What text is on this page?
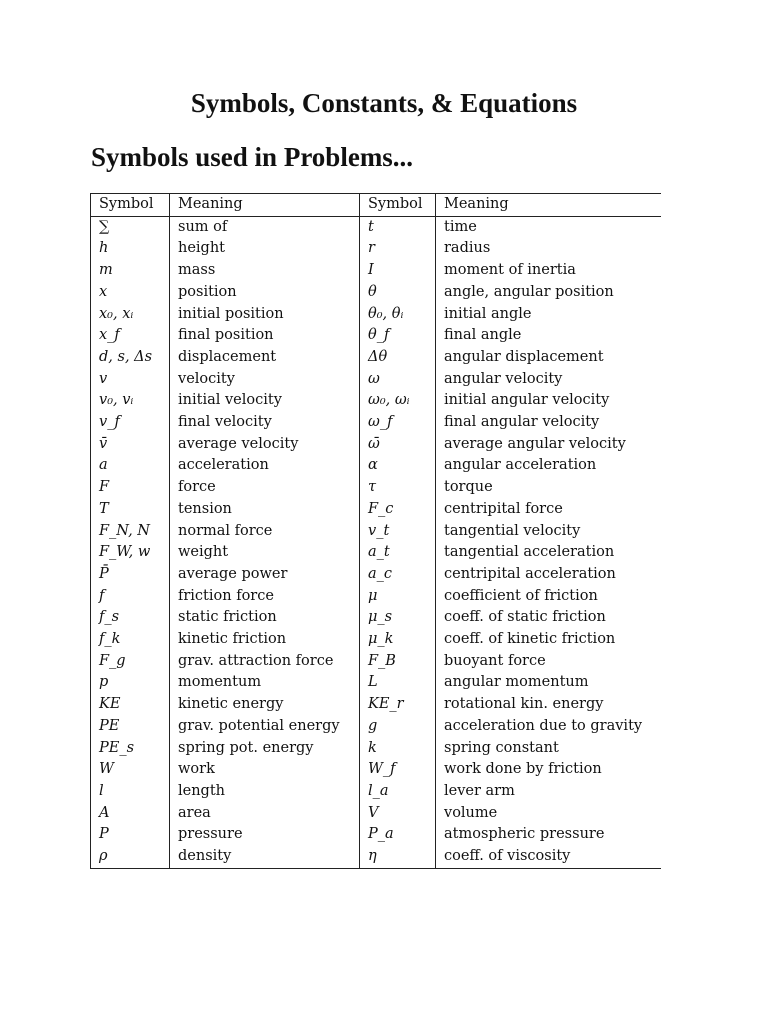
Symbols, Constants, & Equations
Symbols used in Problems...
Symbol	Meaning	Symbol	Meaning
∑	sum of	t	time
h	height	r	radius
m	mass	I	moment of inertia
x	position	θ	angle, angular position
x₀, xᵢ	initial position	θ₀, θᵢ	initial angle
x_f	final position	θ_f	final angle
d, s, Δs	displacement	Δθ	angular displacement
v	velocity	ω	angular velocity
v₀, vᵢ	initial velocity	ω₀, ωᵢ	initial angular velocity
v_f	final velocity	ω_f	final angular velocity
v̄	average velocity	ω̄	average angular velocity
a	acceleration	α	angular acceleration
F	force	τ	torque
T	tension	F_c	centripital force
F_N, N	normal force	v_t	tangential velocity
F_W, w	weight	a_t	tangential acceleration
P̄	average power	a_c	centripital acceleration
f	friction force	μ	coefficient of friction
f_s	static friction	μ_s	coeff. of static friction
f_k	kinetic friction	μ_k	coeff. of kinetic friction
F_g	grav. attraction force	F_B	buoyant force
p	momentum	L	angular momentum
KE	kinetic energy	KE_r	rotational kin. energy
PE	grav. potential energy	g	acceleration due to gravity
PE_s	spring pot. energy	k	spring constant
W	work	W_f	work done by friction
l	length	l_a	lever arm
A	area	V	volume
P	pressure	P_a	atmospheric pressure
ρ	density	η	coeff. of viscosity
